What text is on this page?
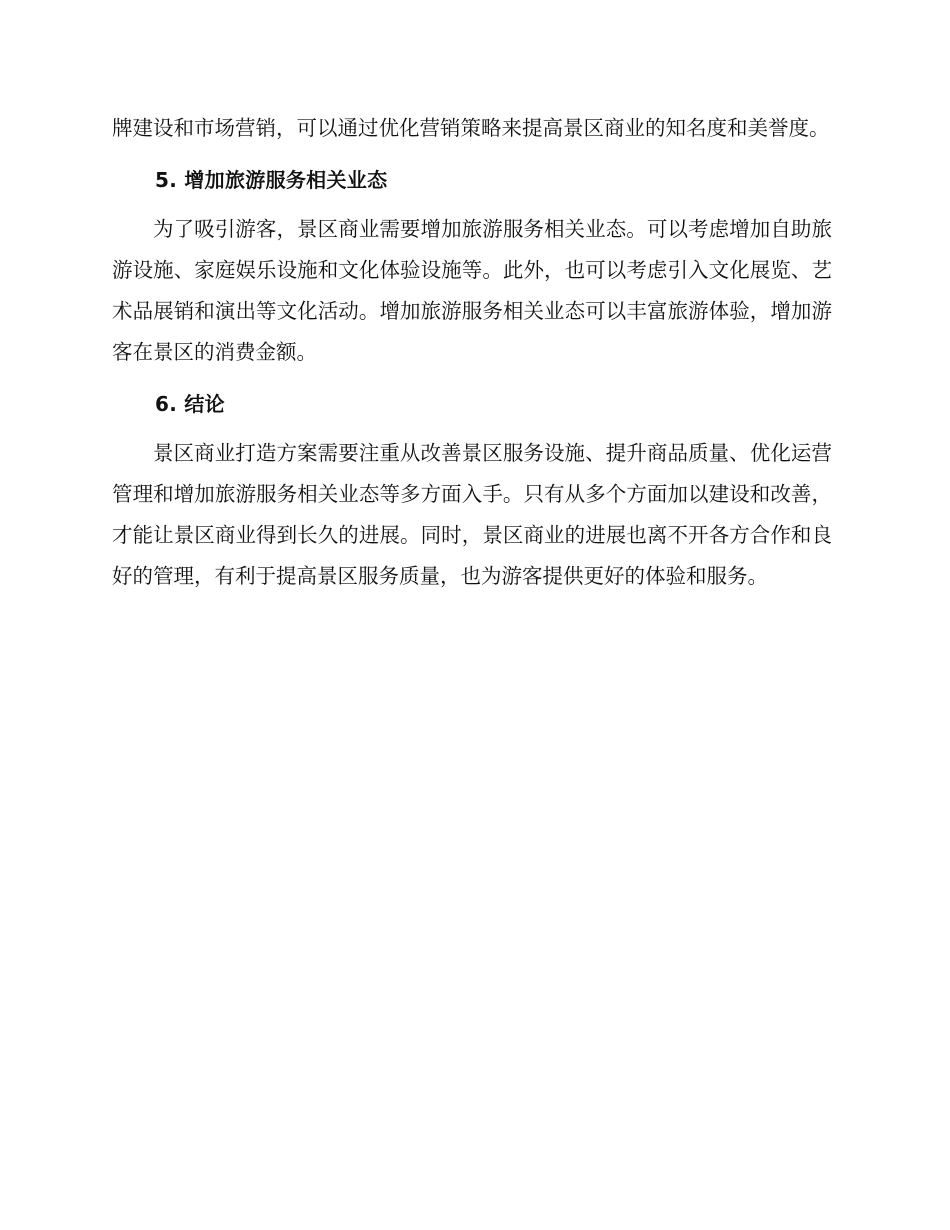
牌建设和市场营销，可以通过优化营销策略来提高景区商业的知名度和美誉度。

5. 增加旅游服务相关业态

为了吸引游客，景区商业需要增加旅游服务相关业态。可以考虑增加自助旅游设施、家庭娱乐设施和文化体验设施等。此外，也可以考虑引入文化展览、艺术品展销和演出等文化活动。增加旅游服务相关业态可以丰富旅游体验，增加游客在景区的消费金额。

6. 结论

景区商业打造方案需要注重从改善景区服务设施、提升商品质量、优化运营管理和增加旅游服务相关业态等多方面入手。只有从多个方面加以建设和改善，才能让景区商业得到长久的进展。同时，景区商业的进展也离不开各方合作和良好的管理，有利于提高景区服务质量，也为游客提供更好的体验和服务。
